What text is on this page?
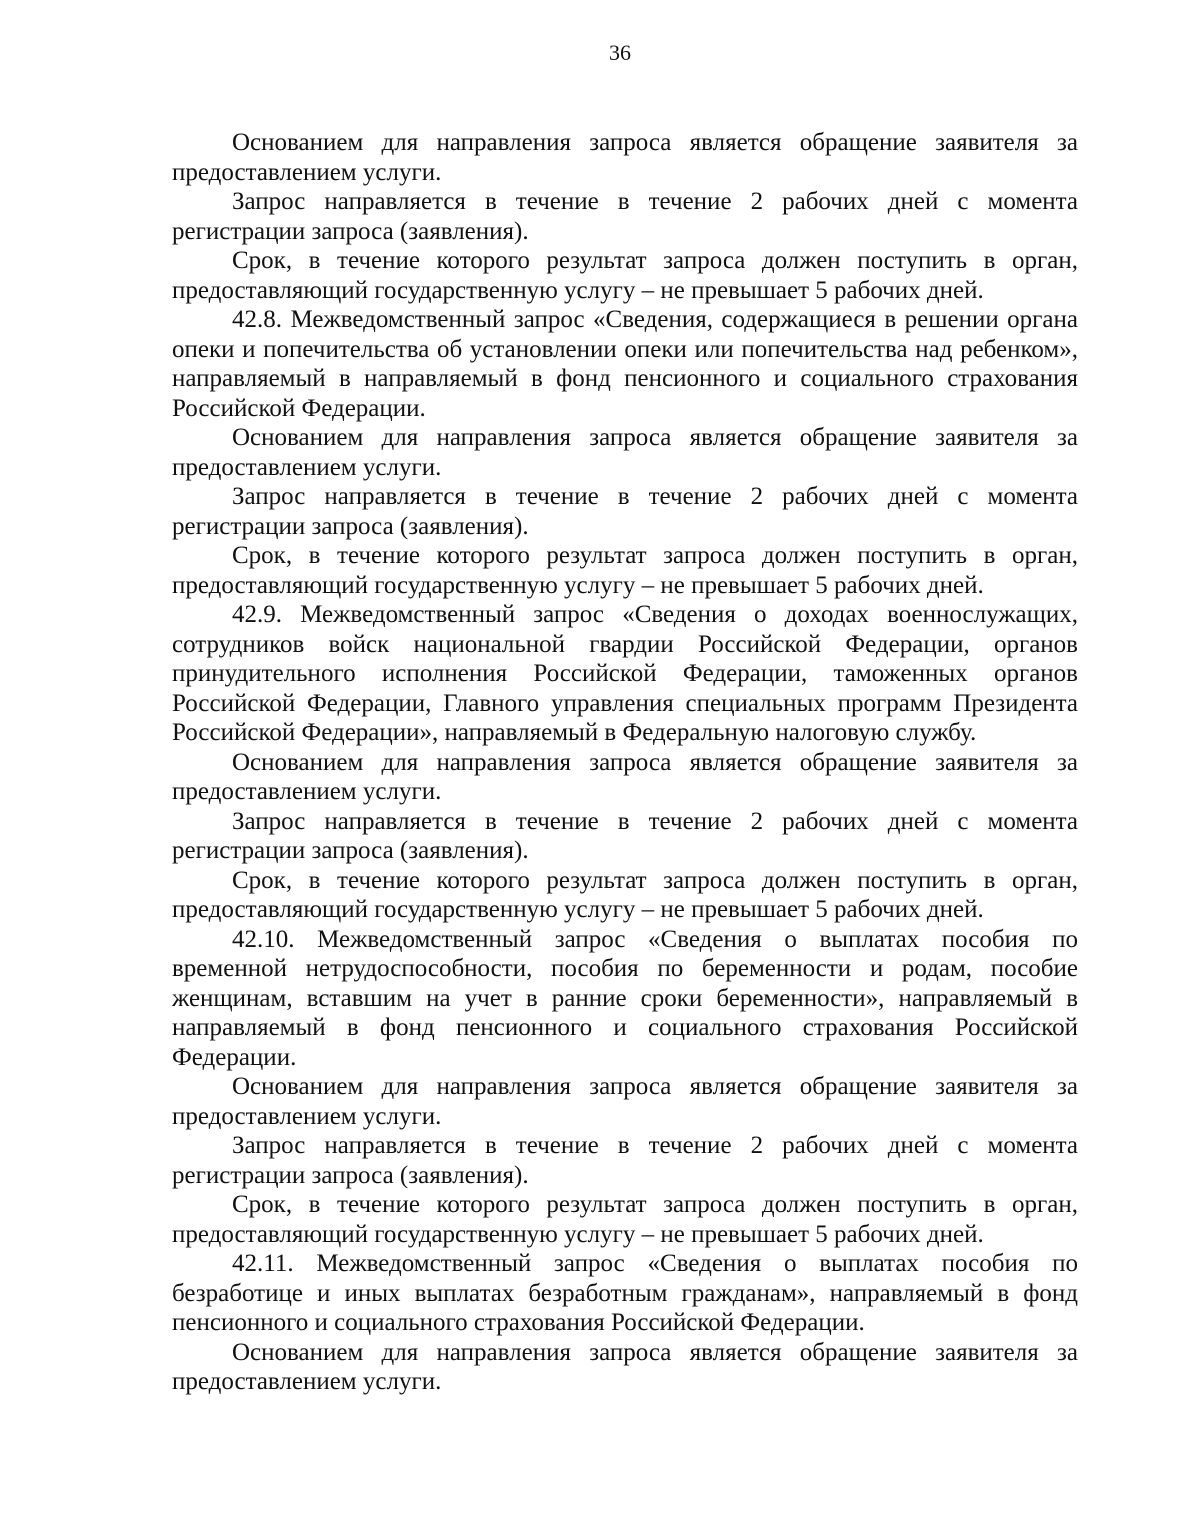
36

Основанием для направления запроса является обращение заявителя за предоставлением услуги.

Запрос направляется в течение в течение 2 рабочих дней с момента регистрации запроса (заявления).

Срок, в течение которого результат запроса должен поступить в орган, предоставляющий государственную услугу – не превышает 5 рабочих дней.

42.8. Межведомственный запрос «Сведения, содержащиеся в решении органа опеки и попечительства об установлении опеки или попечительства над ребенком», направляемый в направляемый в фонд пенсионного и социального страхования Российской Федерации.

Основанием для направления запроса является обращение заявителя за предоставлением услуги.

Запрос направляется в течение в течение 2 рабочих дней с момента регистрации запроса (заявления).

Срок, в течение которого результат запроса должен поступить в орган, предоставляющий государственную услугу – не превышает 5 рабочих дней.

42.9. Межведомственный запрос «Сведения о доходах военнослужащих, сотрудников войск национальной гвардии Российской Федерации, органов принудительного исполнения Российской Федерации, таможенных органов Российской Федерации, Главного управления специальных программ Президента Российской Федерации», направляемый в Федеральную налоговую службу.

Основанием для направления запроса является обращение заявителя за предоставлением услуги.

Запрос направляется в течение в течение 2 рабочих дней с момента регистрации запроса (заявления).

Срок, в течение которого результат запроса должен поступить в орган, предоставляющий государственную услугу – не превышает 5 рабочих дней.

42.10. Межведомственный запрос «Сведения о выплатах пособия по временной нетрудоспособности, пособия по беременности и родам, пособие женщинам, вставшим на учет в ранние сроки беременности», направляемый в направляемый в фонд пенсионного и социального страхования Российской Федерации.

Основанием для направления запроса является обращение заявителя за предоставлением услуги.

Запрос направляется в течение в течение 2 рабочих дней с момента регистрации запроса (заявления).

Срок, в течение которого результат запроса должен поступить в орган, предоставляющий государственную услугу – не превышает 5 рабочих дней.

42.11. Межведомственный запрос «Сведения о выплатах пособия по безработице и иных выплатах безработным гражданам», направляемый в фонд пенсионного и социального страхования Российской Федерации.

Основанием для направления запроса является обращение заявителя за предоставлением услуги.
